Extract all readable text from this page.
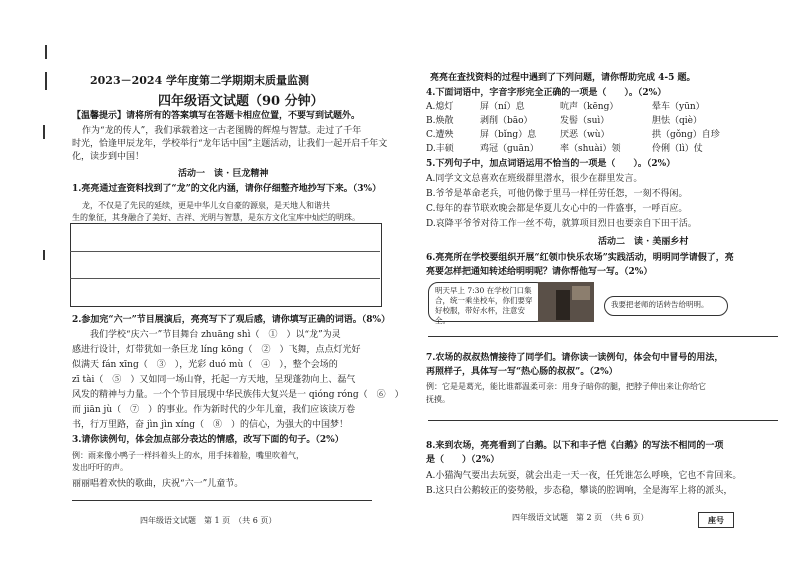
2023－2024 学年度第二学期期末质量监测
四年级语文试题（90 分钟）
【温馨提示】请将所有的答案填写在答题卡相应位置，不要写到试题外。
作为“龙的传人”，我们承载着这一古老图腾的辉煌与智慧。走过了千年
时光，恰逢甲辰龙年，学校举行“龙年话中国”主题活动，让我们一起开启千年文
化，读步到中国！
活动一　读 · 巨龙精神
1.亮亮通过查资料找到了“龙”的文化内涵，请你仔细整齐地抄写下来。（3%）
龙，不仅是了先民的延续，更是中华儿女自豪的源泉，是天地人和谐共
生的象征，其身融合了美好、吉祥、光明与智慧，是东方文化宝库中灿烂的明珠。
2.参加完“六一”节目展演后，亮亮写下了观后感，请你填写正确的词语。（8%）
我们学校“庆六一”节目舞台 zhuāng shì（　①　）以“龙”为灵
感进行设计，灯带犹如一条巨龙 líng kōng（　②　）飞舞，点点灯光好
似满天 fán xīng（　③　），光彩 duó mù（　④　），整个会场的
zī tài（　⑤　）又如同一场山脊，托起一方天地，呈现蓬勃向上、磊气
风发的精神与力量。一个个节目展现中华民族伟大复兴是一 qióng róng（　⑥　）
而 jiān jù（　⑦　）的事业。作为新时代的少年儿童，我们应该读万卷
书，行万里路，奋 jìn jìn xíng（　⑧　）的信心，为强大的中国梦！
3.请你读例句，体会加点部分表达的情感，改写下面的句子。（2%）
例：雨来像小鸭子一样抖着头上的水，用手抹着脸，嘴里吹着气，
发出吁吁的声。
丽丽唱着欢快的歌曲，庆祝“六一”儿童节。
四年级语文试题　第 1 页　（共 6 页）
亮亮在查找资料的过程中遇到了下列问题，请你帮助完成 4-5 题。
4.下面词语中，字音字形完全正确的一项是（　　）。（2%）
A.熄灯	屏（ní）息	吭声（kēng）	晕车（yūn）
B.焕散	剥削（bāo）	发髻（suì）	胆怯（qiè）
C.遭殃	屏（bǐng）息	厌恶（wù）	拱（gǒng）自珍
D.丰硕	鸡冠（guān） 率（shuài）领	伶俐（lì）仗
5.下列句子中，加点词语运用不恰当的一项是（　　）。（2%）
A.同学文文总喜欢在班级群里潜水，很少在群里发言。
B.爷爷是革命老兵，可他仍像于里马一样任劳任怨，一刻不得闲。
C.每年的春节联欢晚会都是华夏儿女心中的一件盛事，一呼百应。
D.哀降平爷爷对待工作一丝不苟，就算项目烈日也要亲自下田干活。
活动二　读 · 美丽乡村
6.亮亮所在学校要组织开展“红领巾快乐农场”实践活动，明明同学请假了，亮
亮要怎样把通知转述给明明呢？请你帮他写一写。（2%）
明天早上 7:30 在学校门口集合，统一乘坐校车，你们要穿好校服，带好水杯，注意安全。
我要把老师的话转告给明明。
7.农场的叔叔热情接待了同学们。请你读一读例句，体会句中冒号的用法，
再照样子，具体写一写“热心肠的叔叔”。（2%）
例：它是是葛光，能比谁都温柔可亲：用身子暗你的腿，把脖子伸出来让你给它
抚摸。
8.来到农场，亮亮看到了白鹅。以下和丰子恺《白鹅》的写法不相同的一项
是（　　）（2%）
A.小猫淘气要出去玩耍，就会出走一天一夜，任凭谁怎么呼唤，它也不肯回来。
B.这只白公鹅较正的姿势般，步态稳，攀谈的腔调响，全是海军上将的派头，
四年级语文试题　第 2 页　（共 6 页）	座号
